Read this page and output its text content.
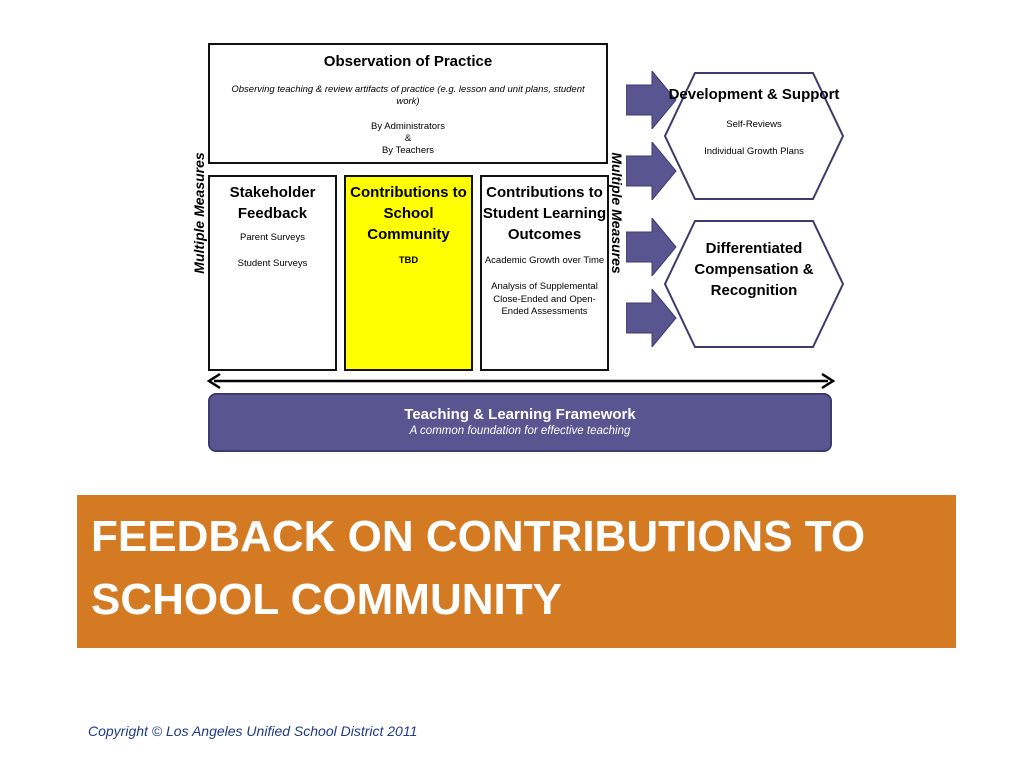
Observation of Practice
Observing teaching & review artifacts of practice (e.g. lesson and unit plans, student work)
By Administrators
&
By Teachers
Multiple Measures	Multiple Measures
Stakeholder Feedback
Parent Surveys
Student Surveys
Contributions to School Community
TBD
Contributions to Student Learning Outcomes
Academic Growth over Time
Analysis of Supplemental Close-Ended and Open-Ended Assessments
Development & Support
Self-Reviews
Individual Growth Plans
Differentiated Compensation & Recognition
Teaching & Learning Framework
A common foundation for effective teaching
FEEDBACK ON CONTRIBUTIONS TO SCHOOL COMMUNITY
Copyright © Los Angeles Unified School District 2011
